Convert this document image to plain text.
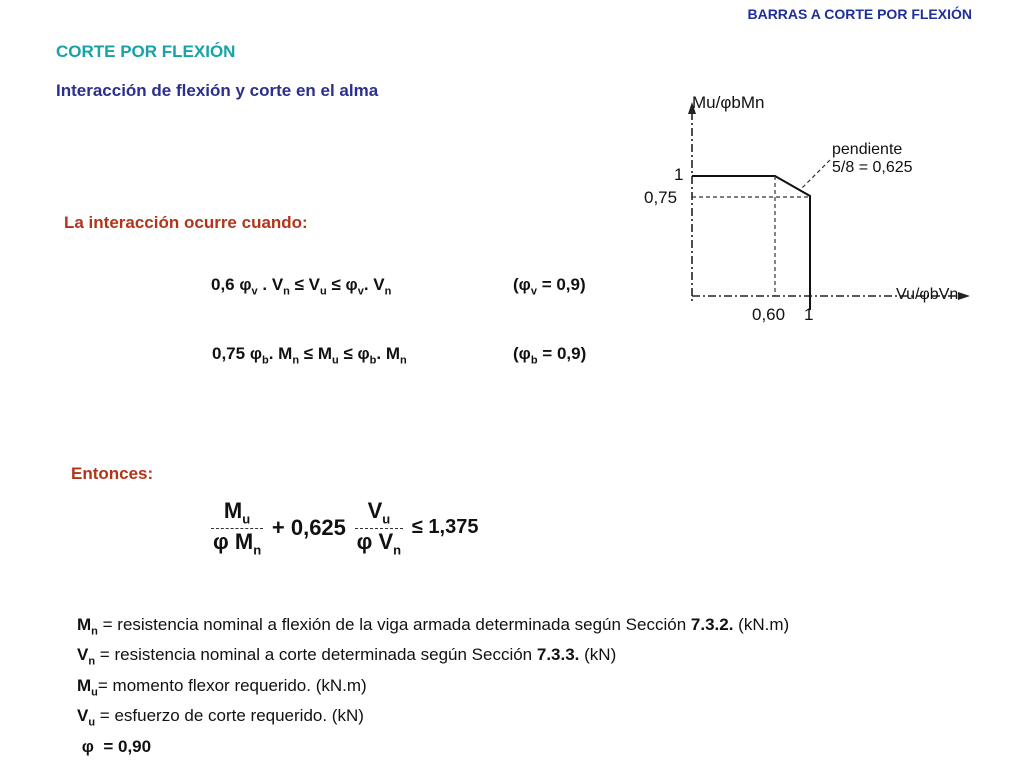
BARRAS A CORTE POR FLEXIÓN
CORTE POR FLEXIÓN
Interacción de flexión y corte en el alma
Mu/φbMn
Vu/φbVn
1
0,75
0,60 1
pendiente
5/8 = 0,625
La interacción ocurre cuando:
0,6 $\varphi_v$ . $V_n \le V_u \le \varphi_v$. $V_n$	$(\varphi_v = 0,9)$
0,75 $\varphi_b$. $M_n \le M_u \le \varphi_b$. $M_n$	$(\varphi_b = 0,9)$
Entonces:
$\frac{M_u}{\varphi M_n} + 0,625 \frac{V_u}{\varphi V_n} \le 1,375$
$M_n$ = resistencia nominal a flexión de la viga armada determinada según Sección 7.3.2. (kN.m)
$V_n$ = resistencia nominal a corte determinada según Sección 7.3.3. (kN)
$M_u=$ momento flexor requerido. (kN.m)
$V_u$ = esfuerzo de corte requerido. (kN)
φ  = 0,90
